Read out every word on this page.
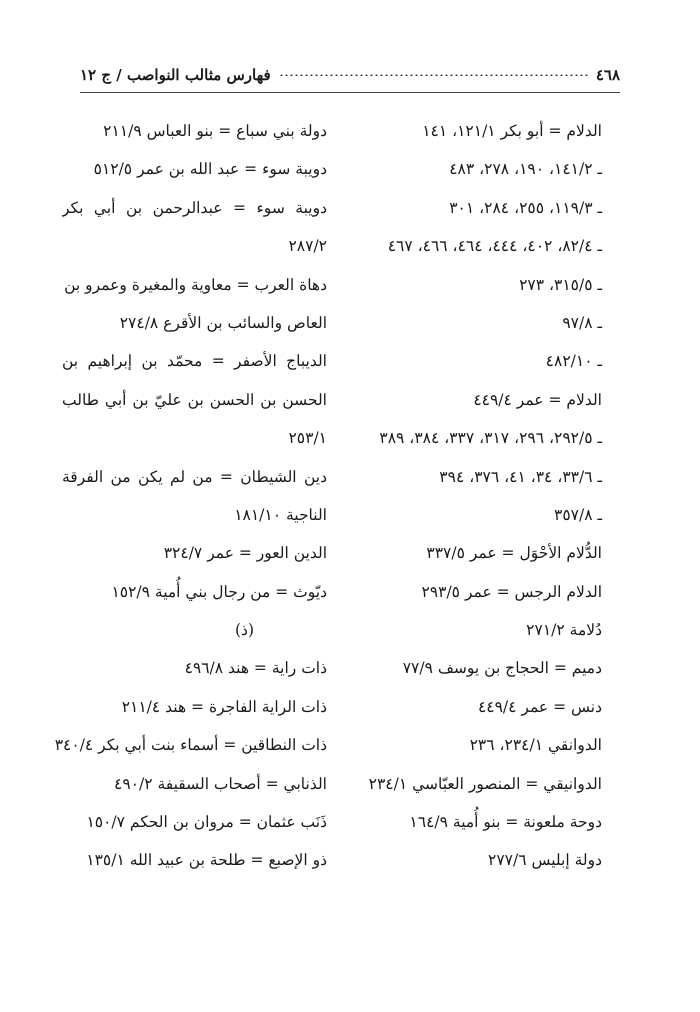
٤٦٨
فهارس مثالب النواصب / ج ١٢
الدلام = أبو بكر ١٢١/١، ١٤١
ـ ١٤١/٢، ١٩٠، ٢٧٨، ٤٨٣
ـ ١١٩/٣، ٢٥٥، ٢٨٤، ٣٠١
ـ ٨٢/٤، ٤٠٢، ٤٤٤، ٤٦٤، ٤٦٦، ٤٦٧
ـ ٣١٥/٥، ٢٧٣
ـ ٩٧/٨
ـ ٤٨٢/١٠
الدلام = عمر ٤٤٩/٤
ـ ٢٩٢/٥، ٢٩٦، ٣١٧، ٣٣٧، ٣٨٤، ٣٨٩
ـ ٣٣/٦، ٣٤، ٤١، ٣٧٦، ٣٩٤
ـ ٣٥٧/٨
الدُّلام الأحْوَل = عمر ٣٣٧/٥
الدلام الرجس = عمر ٢٩٣/٥
دُلامة ٢٧١/٢
دميم = الحجاج بن يوسف ٧٧/٩
دنس = عمر ٤٤٩/٤
الدوانقي ٢٣٤/١، ٢٣٦
الدوانيقي = المنصور العبّاسي ٢٣٤/١
دوحة ملعونة = بنو أُمية ١٦٤/٩
دولة إبليس ٢٧٧/٦
دولة بني سباع = بنو العباس ٢١١/٩
دويبة سوء = عبد الله بن عمر ٥١٢/٥
دويبة سوء = عبدالرحمن بن أبي بكر
٢٨٧/٢
دهاة العرب = معاوية والمغيرة وعمرو بن
العاص والسائب بن الأقرع ٢٧٤/٨
الديباج الأصفر = محمّد بن إبراهيم بن
الحسن بن الحسن بن عليّ بن أبي طالب
٢٥٣/١
دين الشيطان = من لم يكن من الفرقة
الناجية ١٨١/١٠
الدين العور = عمر ٣٢٤/٧
ديّوث = من رجال بني أُمية ١٥٢/٩
(ذ)
ذات راية = هند ٤٩٦/٨
ذات الراية الفاجرة = هند ٢١١/٤
ذات النطاقين = أسماء بنت أبي بكر ٣٤٠/٤
الذنابي = أصحاب السقيفة ٤٩٠/٢
ذَنَب عثمان = مروان بن الحكم ١٥٠/٧
ذو الإصبع = طلحة بن عبيد الله ١٣٥/١
